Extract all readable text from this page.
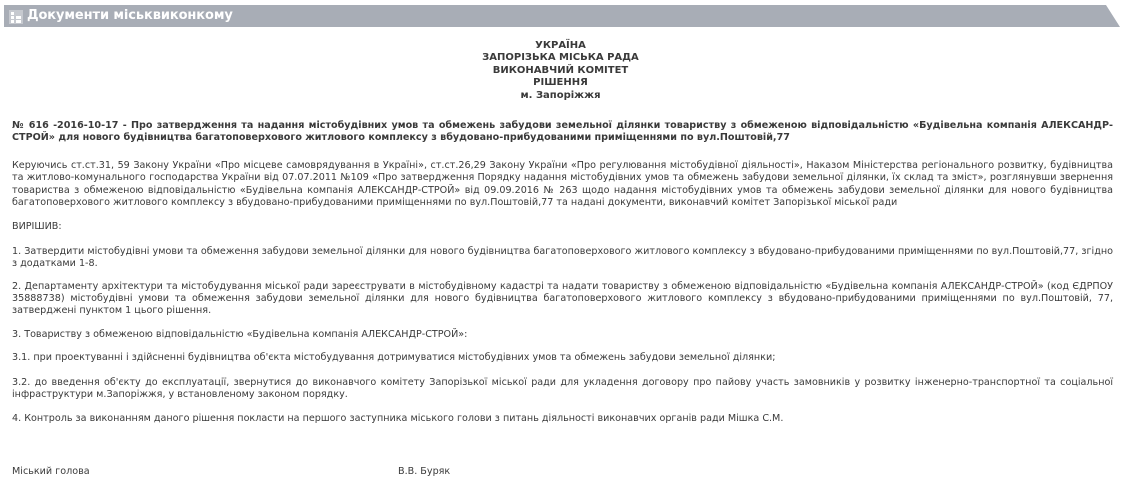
Документи міськвиконкому
УКРАЇНА
ЗАПОРІЗЬКА МІСЬКА РАДА
ВИКОНАВЧИЙ КОМІТЕТ
РІШЕННЯ
м. Запоріжжя

№ 616 -2016-10-17 - Про затвердження та надання містобудівних умов та обмежень забудови земельної ділянки товариству з обмеженою відповідальністю «Будівельна компанія АЛЕКСАНДР-СТРОЙ» для нового будівництва багатоповерхового житлового комплексу з вбудовано-прибудованими приміщеннями по вул.Поштовій,77

Керуючись ст.ст.31, 59 Закону України «Про місцеве самоврядування в Україні», ст.ст.26,29 Закону України «Про регулювання містобудівної діяльності», Наказом Міністерства регіонального розвитку, будівництва та житлово-комунального господарства України від 07.07.2011 №109 «Про затвердження Порядку надання містобудівних умов та обмежень забудови земельної ділянки, їх склад та зміст», розглянувши звернення товариства з обмеженою відповідальністю «Будівельна компанія АЛЕКСАНДР-СТРОЙ» від 09.09.2016 № 263 щодо надання містобудівних умов та обмежень забудови земельної ділянки для нового будівництва багатоповерхового житлового комплексу з вбудовано-прибудованими приміщеннями по вул.Поштовій,77 та надані документи, виконавчий комітет Запорізької міської ради

ВИРІШИВ:

1. Затвердити містобудівні умови та обмеження забудови земельної ділянки для нового будівництва багатоповерхового житлового комплексу з вбудовано-прибудованими приміщеннями по вул.Поштовій,77, згідно з додатками 1-8.

2. Департаменту архітектури та містобудування міської ради зареєструвати в містобудівному кадастрі та надати товариству з обмеженою відповідальністю «Будівельна компанія АЛЕКСАНДР-СТРОЙ» (код ЄДРПОУ 35888738) містобудівні умови та обмеження забудови земельної ділянки для нового будівництва багатоповерхового житлового комплексу з вбудовано-прибудованими приміщеннями по вул.Поштовій, 77, затверджені пунктом 1 цього рішення.

3. Товариству з обмеженою відповідальністю «Будівельна компанія АЛЕКСАНДР-СТРОЙ»:

3.1. при проектуванні і здійсненні будівництва об'єкта містобудування дотримуватися містобудівних умов та обмежень забудови земельної ділянки;

3.2. до введення об'єкту до експлуатації, звернутися до виконавчого комітету Запорізької міської ради для укладення договору про пайову участь замовників у розвитку інженерно-транспортної та соціальної інфраструктури м.Запоріжжя, у встановленому законом порядку.

4. Контроль за виконанням даного рішення покласти на першого заступника міського голови з питань діяльності виконавчих органів ради Мішка С.М.

Міський голова	В.В. Буряк
